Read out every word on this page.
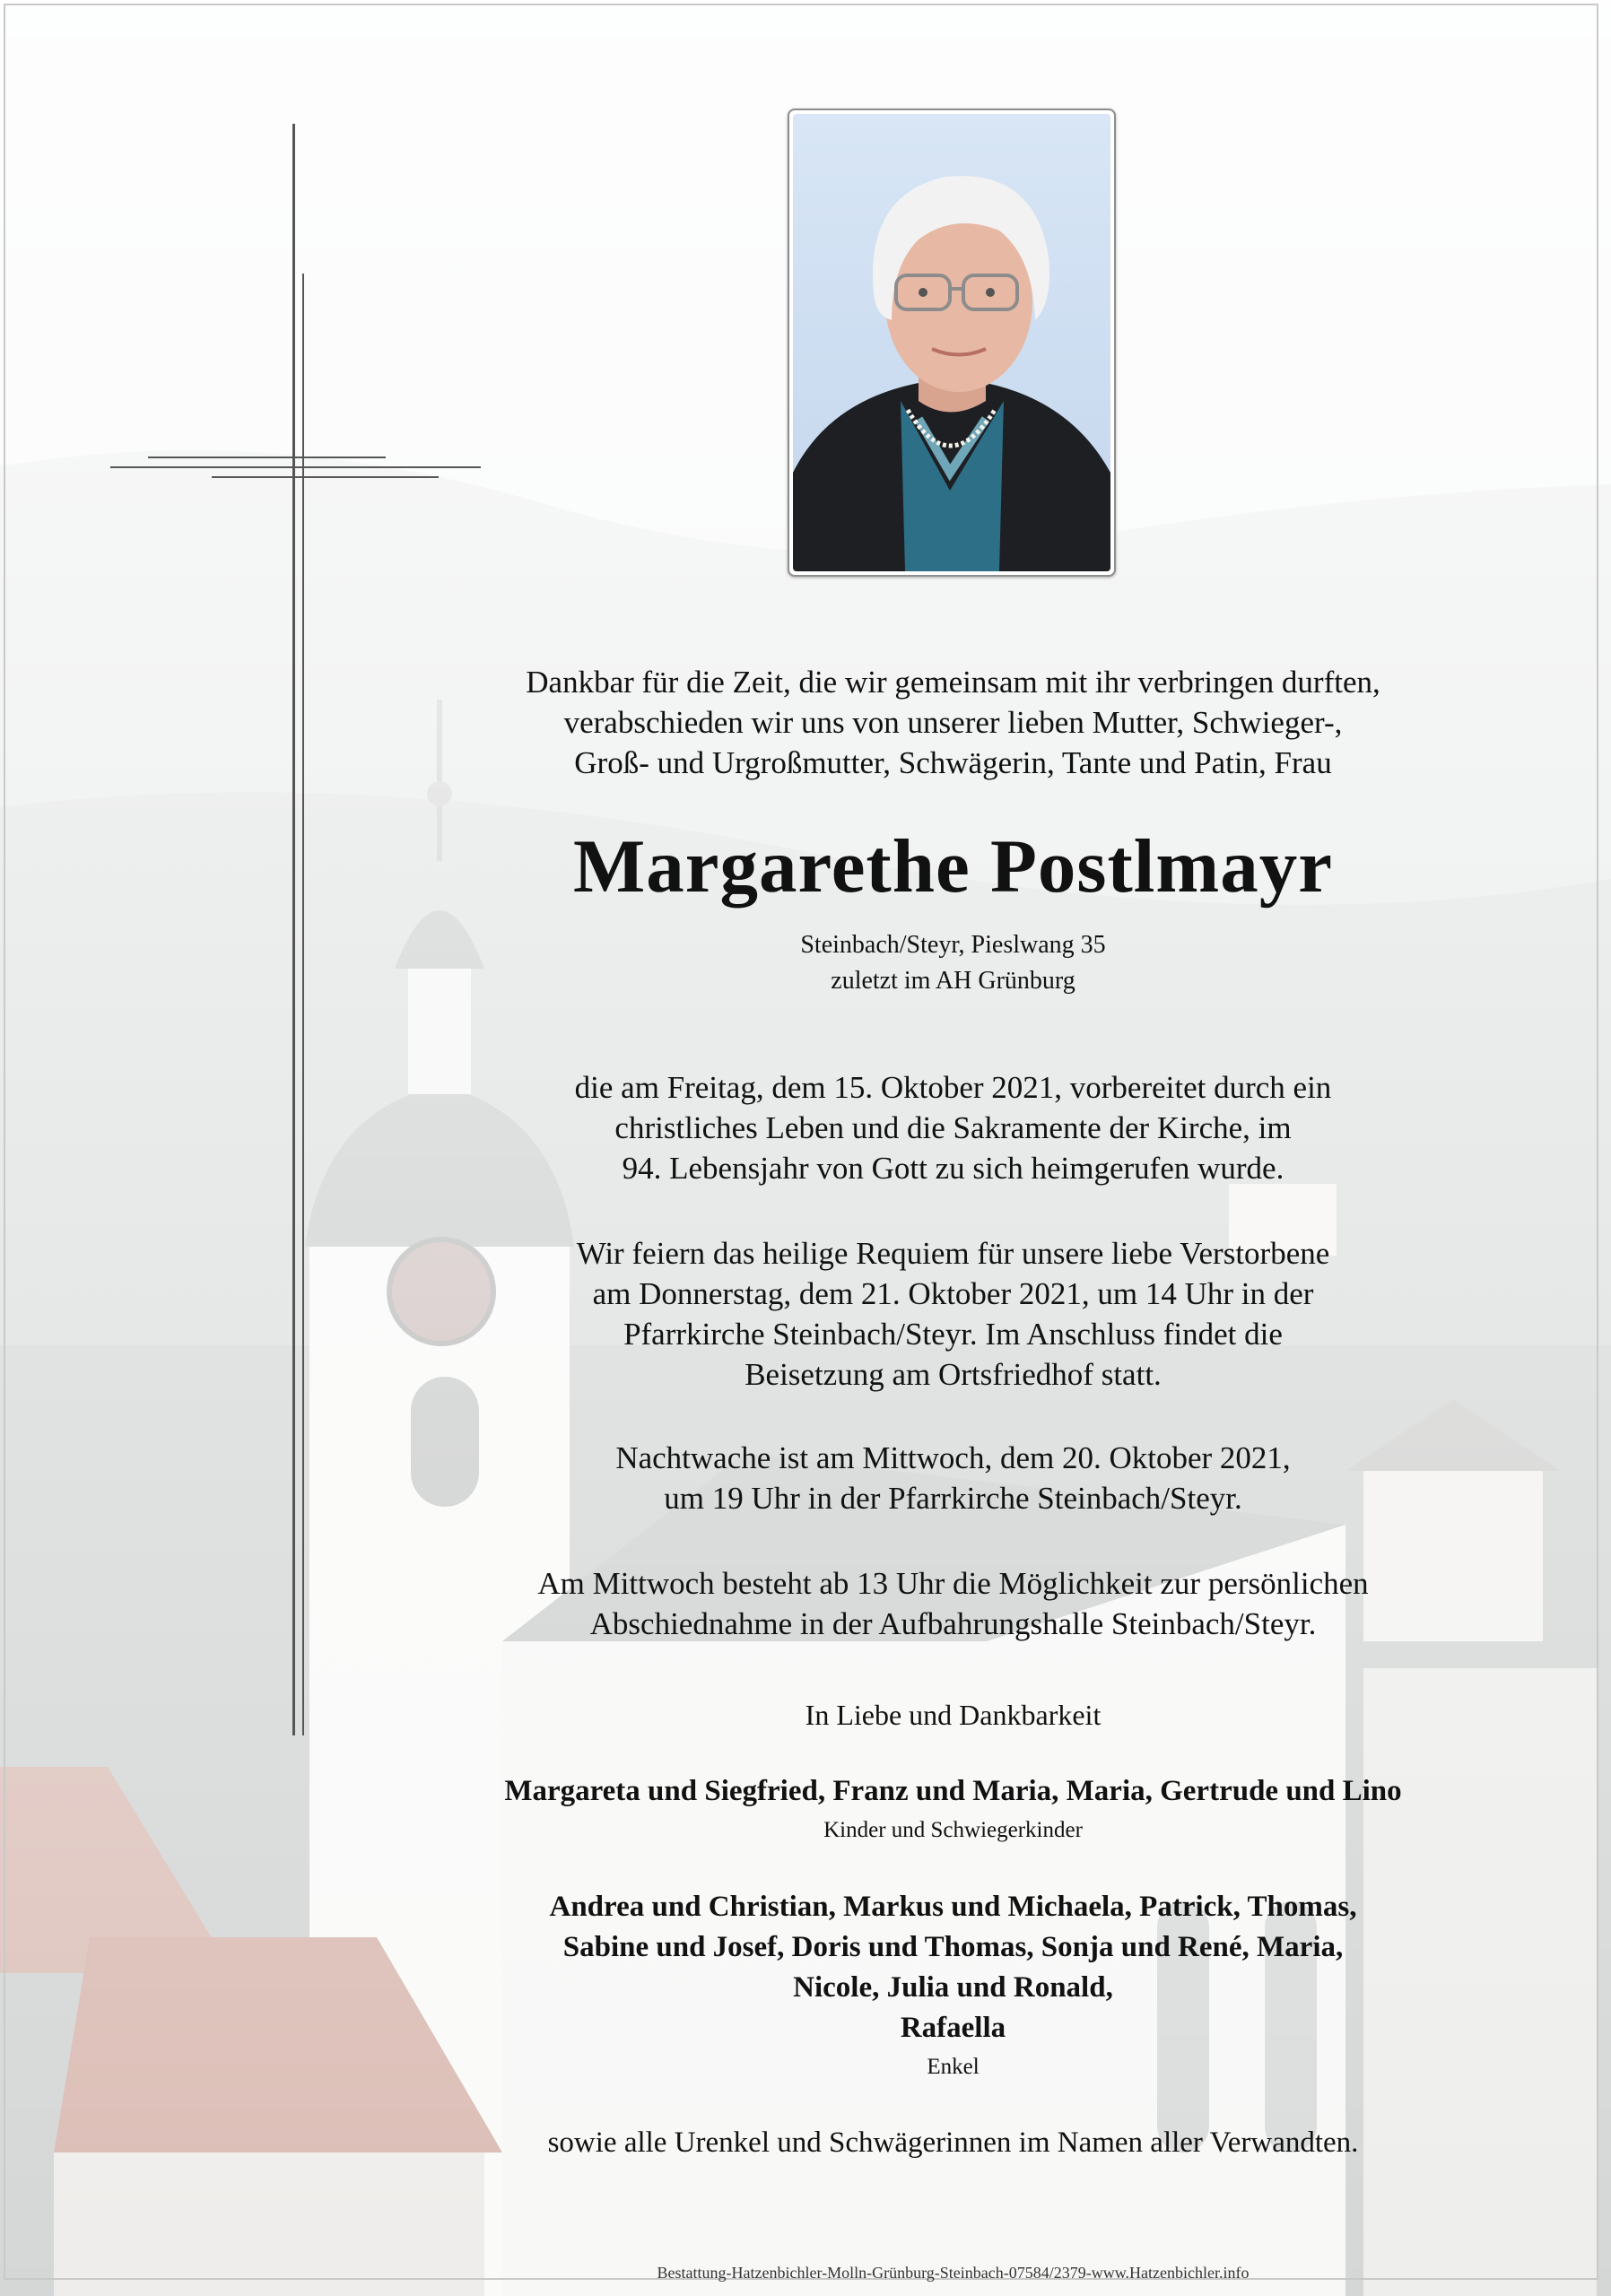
Dankbar für die Zeit, die wir gemeinsam mit ihr verbringen durften,
verabschieden wir uns von unserer lieben Mutter, Schwieger-,
Groß- und Urgroßmutter, Schwägerin, Tante und Patin, Frau
Margarethe Postlmayr
Steinbach/Steyr, Pieslwang 35
zuletzt im AH Grünburg
die am Freitag, dem 15. Oktober 2021, vorbereitet durch ein
christliches Leben und die Sakramente der Kirche, im
94. Lebensjahr von Gott zu sich heimgerufen wurde.
Wir feiern das heilige Requiem für unsere liebe Verstorbene
am Donnerstag, dem 21. Oktober 2021, um 14 Uhr in der
Pfarrkirche Steinbach/Steyr. Im Anschluss findet die
Beisetzung am Ortsfriedhof statt.
Nachtwache ist am Mittwoch, dem 20. Oktober 2021,
um 19 Uhr in der Pfarrkirche Steinbach/Steyr.
Am Mittwoch besteht ab 13 Uhr die Möglichkeit zur persönlichen
Abschiednahme in der Aufbahrungshalle Steinbach/Steyr.
In Liebe und Dankbarkeit
Margareta und Siegfried, Franz und Maria, Maria, Gertrude und Lino
Kinder und Schwiegerkinder
Andrea und Christian, Markus und Michaela, Patrick, Thomas,
Sabine und Josef, Doris und Thomas, Sonja und René, Maria,
Nicole, Julia und Ronald,
Rafaella
Enkel
sowie alle Urenkel und Schwägerinnen im Namen aller Verwandten.
Bestattung-Hatzenbichler-Molln-Grünburg-Steinbach-07584/2379-www.Hatzenbichler.info
